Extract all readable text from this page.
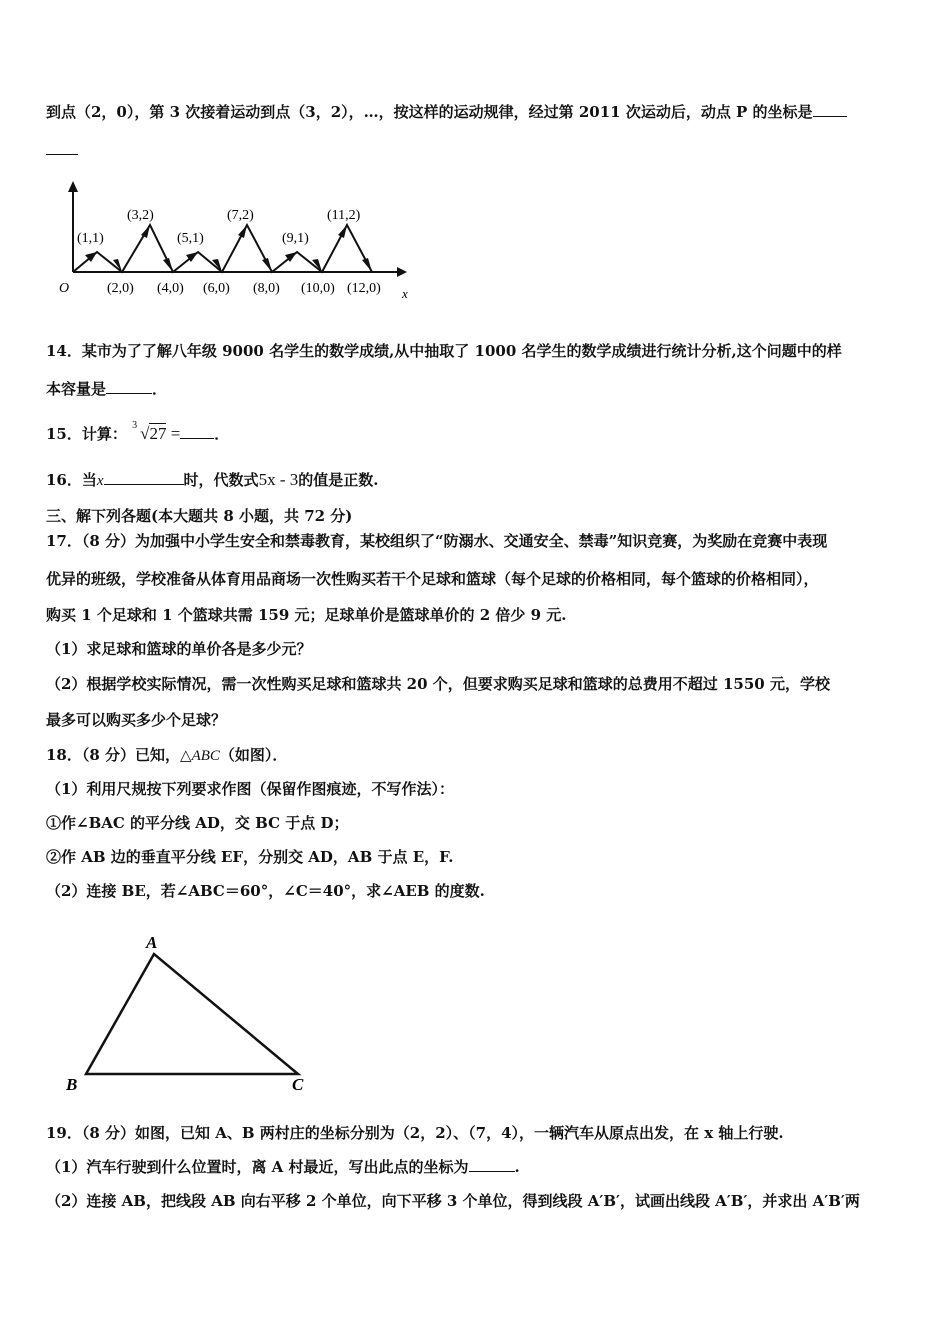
到点（2，0），第 3 次接着运动到点（3，2），…，按这样的运动规律，经过第 2011 次运动后，动点 P 的坐标是
O	x
(1,1)
(3,2)
(5,1)
(7,2)
(9,1)
(11,2)
(2,0) (4,0) (6,0) (8,0) (10,0) (12,0)
14．某市为了了解八年级 9000 名学生的数学成绩,从中抽取了 1000 名学生的数学成绩进行统计分析,这个问题中的样
本容量是	．
15．计算： 3 √27 = ．
16．当x	时，代数式5x - 3的值是正数.
三、解下列各题(本大题共 8 小题，共 72 分)
17．（8 分）为加强中小学生安全和禁毒教育，某校组织了“防溺水、交通安全、禁毒”知识竞赛，为奖励在竞赛中表现
优异的班级，学校准备从体育用品商场一次性购买若干个足球和篮球（每个足球的价格相同，每个篮球的价格相同），
购买 1 个足球和 1 个篮球共需 159 元；足球单价是篮球单价的 2 倍少 9 元.
（1）求足球和篮球的单价各是多少元？
（2）根据学校实际情况，需一次性购买足球和篮球共 20 个，但要求购买足球和篮球的总费用不超过 1550 元，学校
最多可以购买多少个足球？
18．（8 分）已知，△ABC（如图）．
（1）利用尺规按下列要求作图（保留作图痕迹，不写作法）：
①作∠BAC 的平分线 AD，交 BC 于点 D；
②作 AB 边的垂直平分线 EF，分别交 AD，AB 于点 E，F.
（2）连接 BE，若∠ABC＝60°，∠C＝40°，求∠AEB 的度数.
A
B	C
19．（8 分）如图，已知 A、B 两村庄的坐标分别为（2，2）、（7，4），一辆汽车从原点出发，在 x 轴上行驶.
（1）汽车行驶到什么位置时，离 A 村最近，写出此点的坐标为	.
（2）连接 AB，把线段 AB 向右平移 2 个单位，向下平移 3 个单位，得到线段 A′B′，试画出线段 A′B′，并求出 A′B′两
